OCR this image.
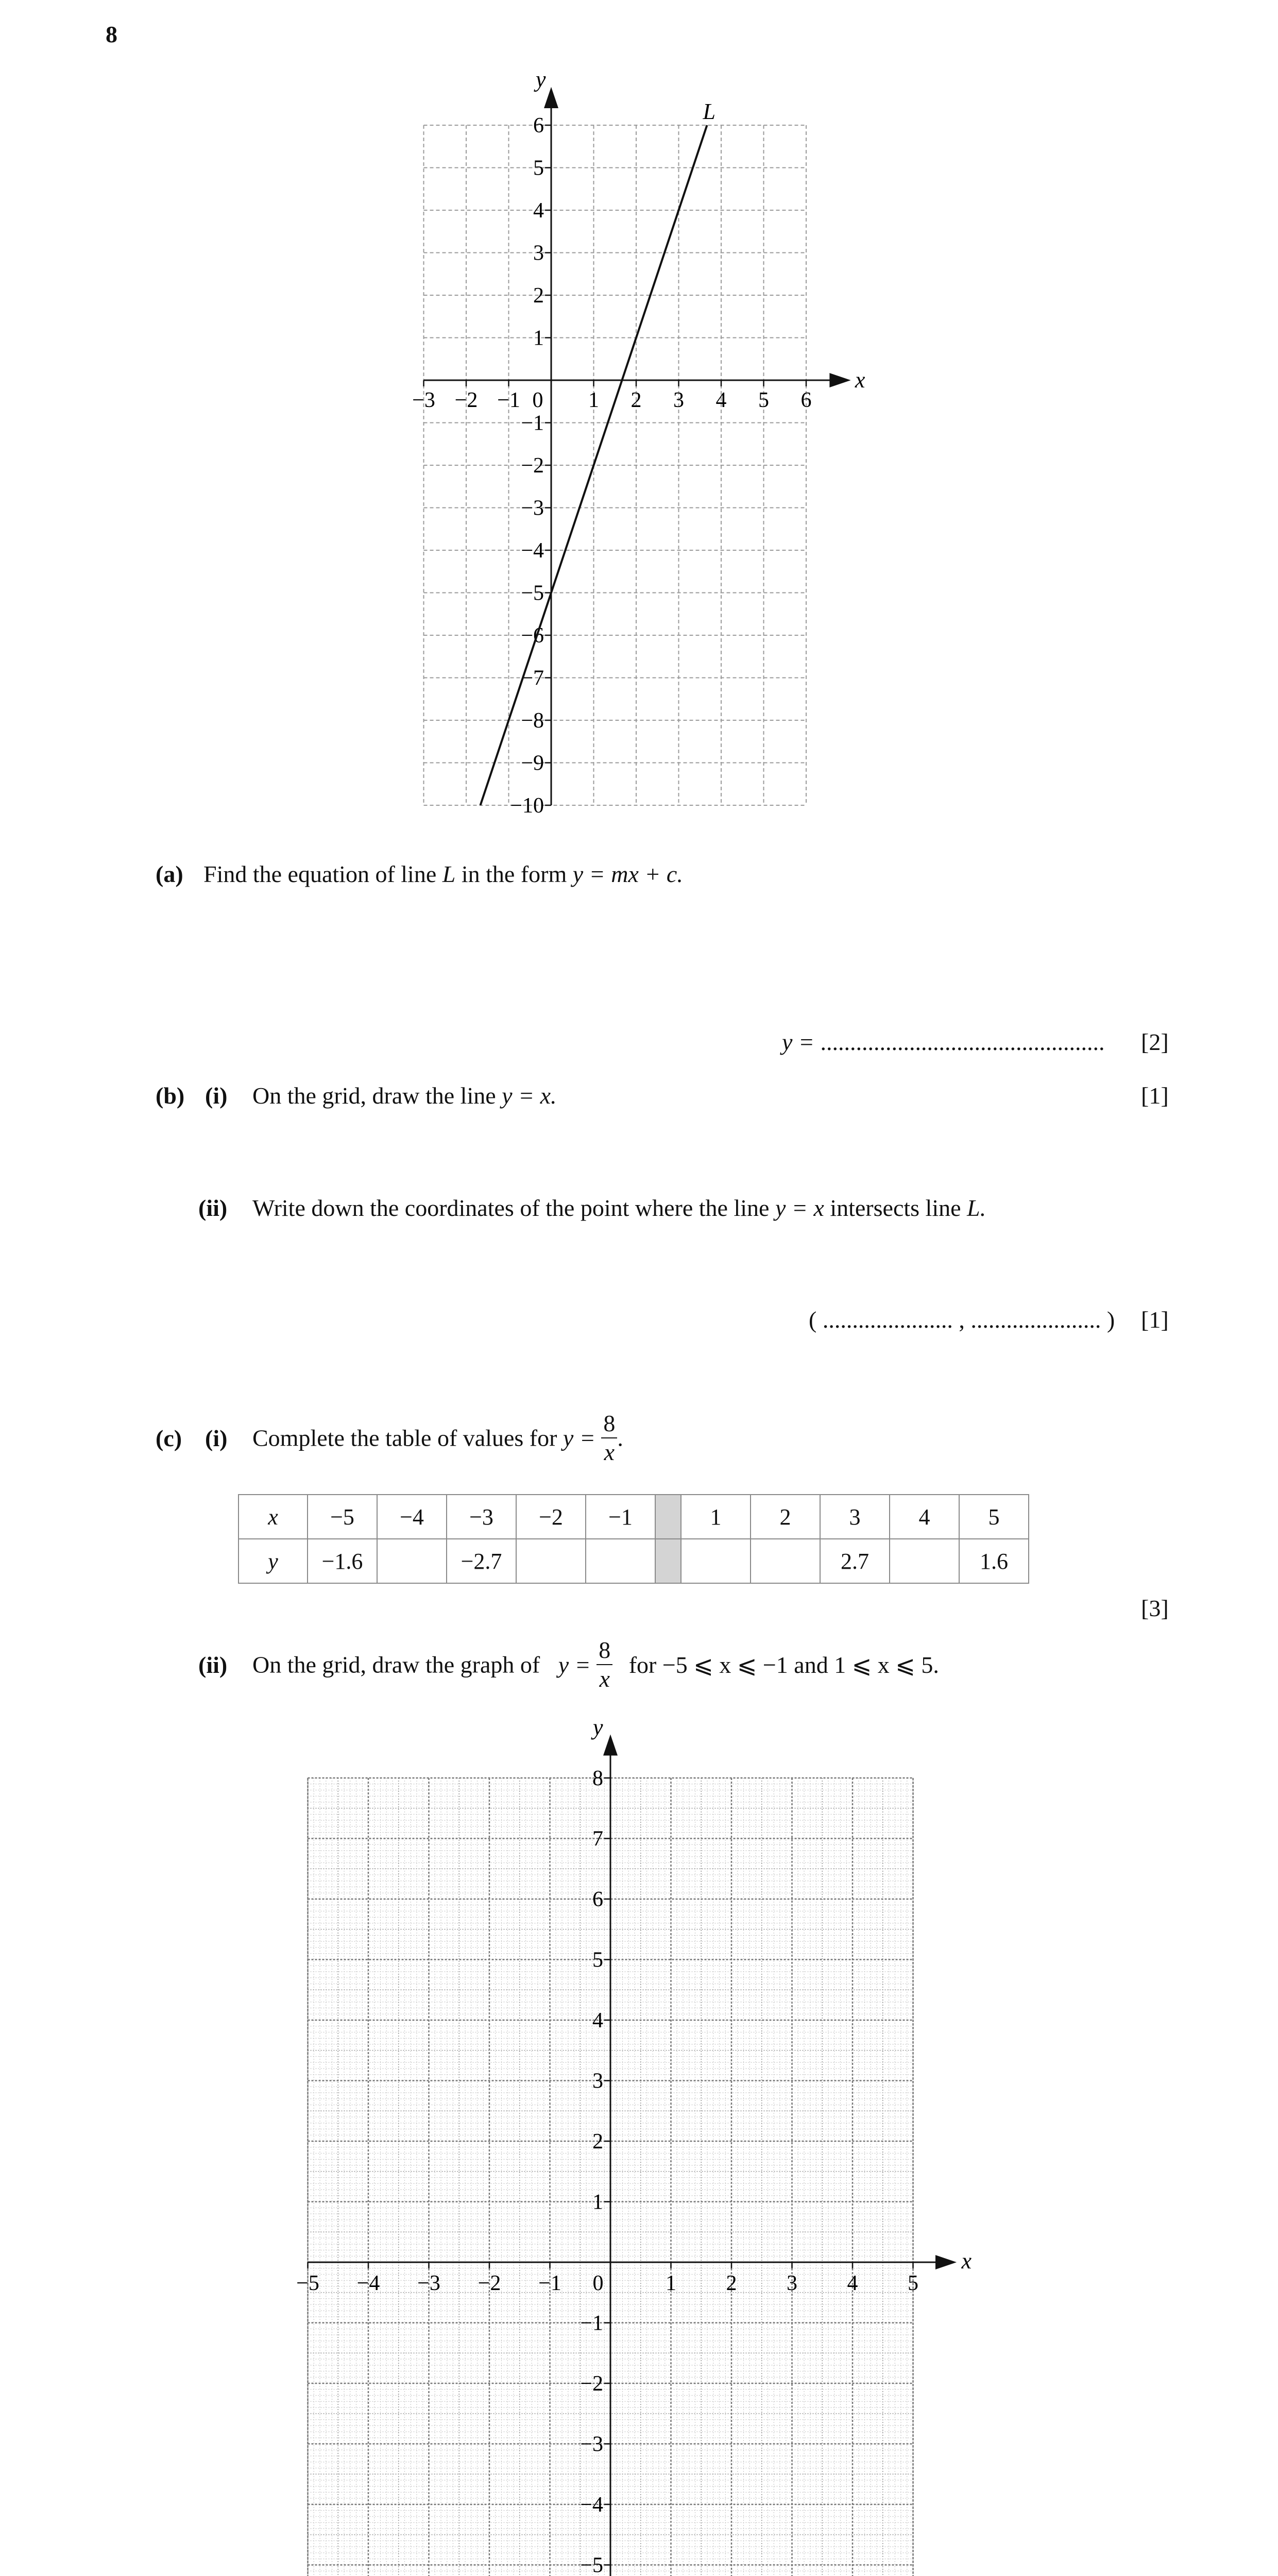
8
x
y
−3 −2 −1	1 2 3 4 5 6
0
6
5
4
3
2
1
−1
−2
−3
−4
−5
−6
−7
−8
−9
−10
L
(a) Find the equation of line L in the form y = mx + c.
y = ................................................ [2]
(b) (i) On the grid, draw the line y = x.	[1]
(ii) Write down the coordinates of the point where the line y = x intersects line L.
( ...................... , ...................... ) [1]
(c) (i) Complete the table of values for $y = \frac{8}{x}$ .
x	−5	−4	−3	−2	−1		1	2	3	4	5
y	−1.6		−2.7						2.7		1.6
[3]
(ii) On the grid, draw the graph of $y = \frac{8}{x}$ for −5 ⩽ x ⩽ −1 and 1 ⩽ x ⩽ 5.
x
y
−5 −4 −3 −2 −1	1 2 3 4 5
0
8
7
6
5
4
3
2
1
−1
−2
−3
−4
−5
